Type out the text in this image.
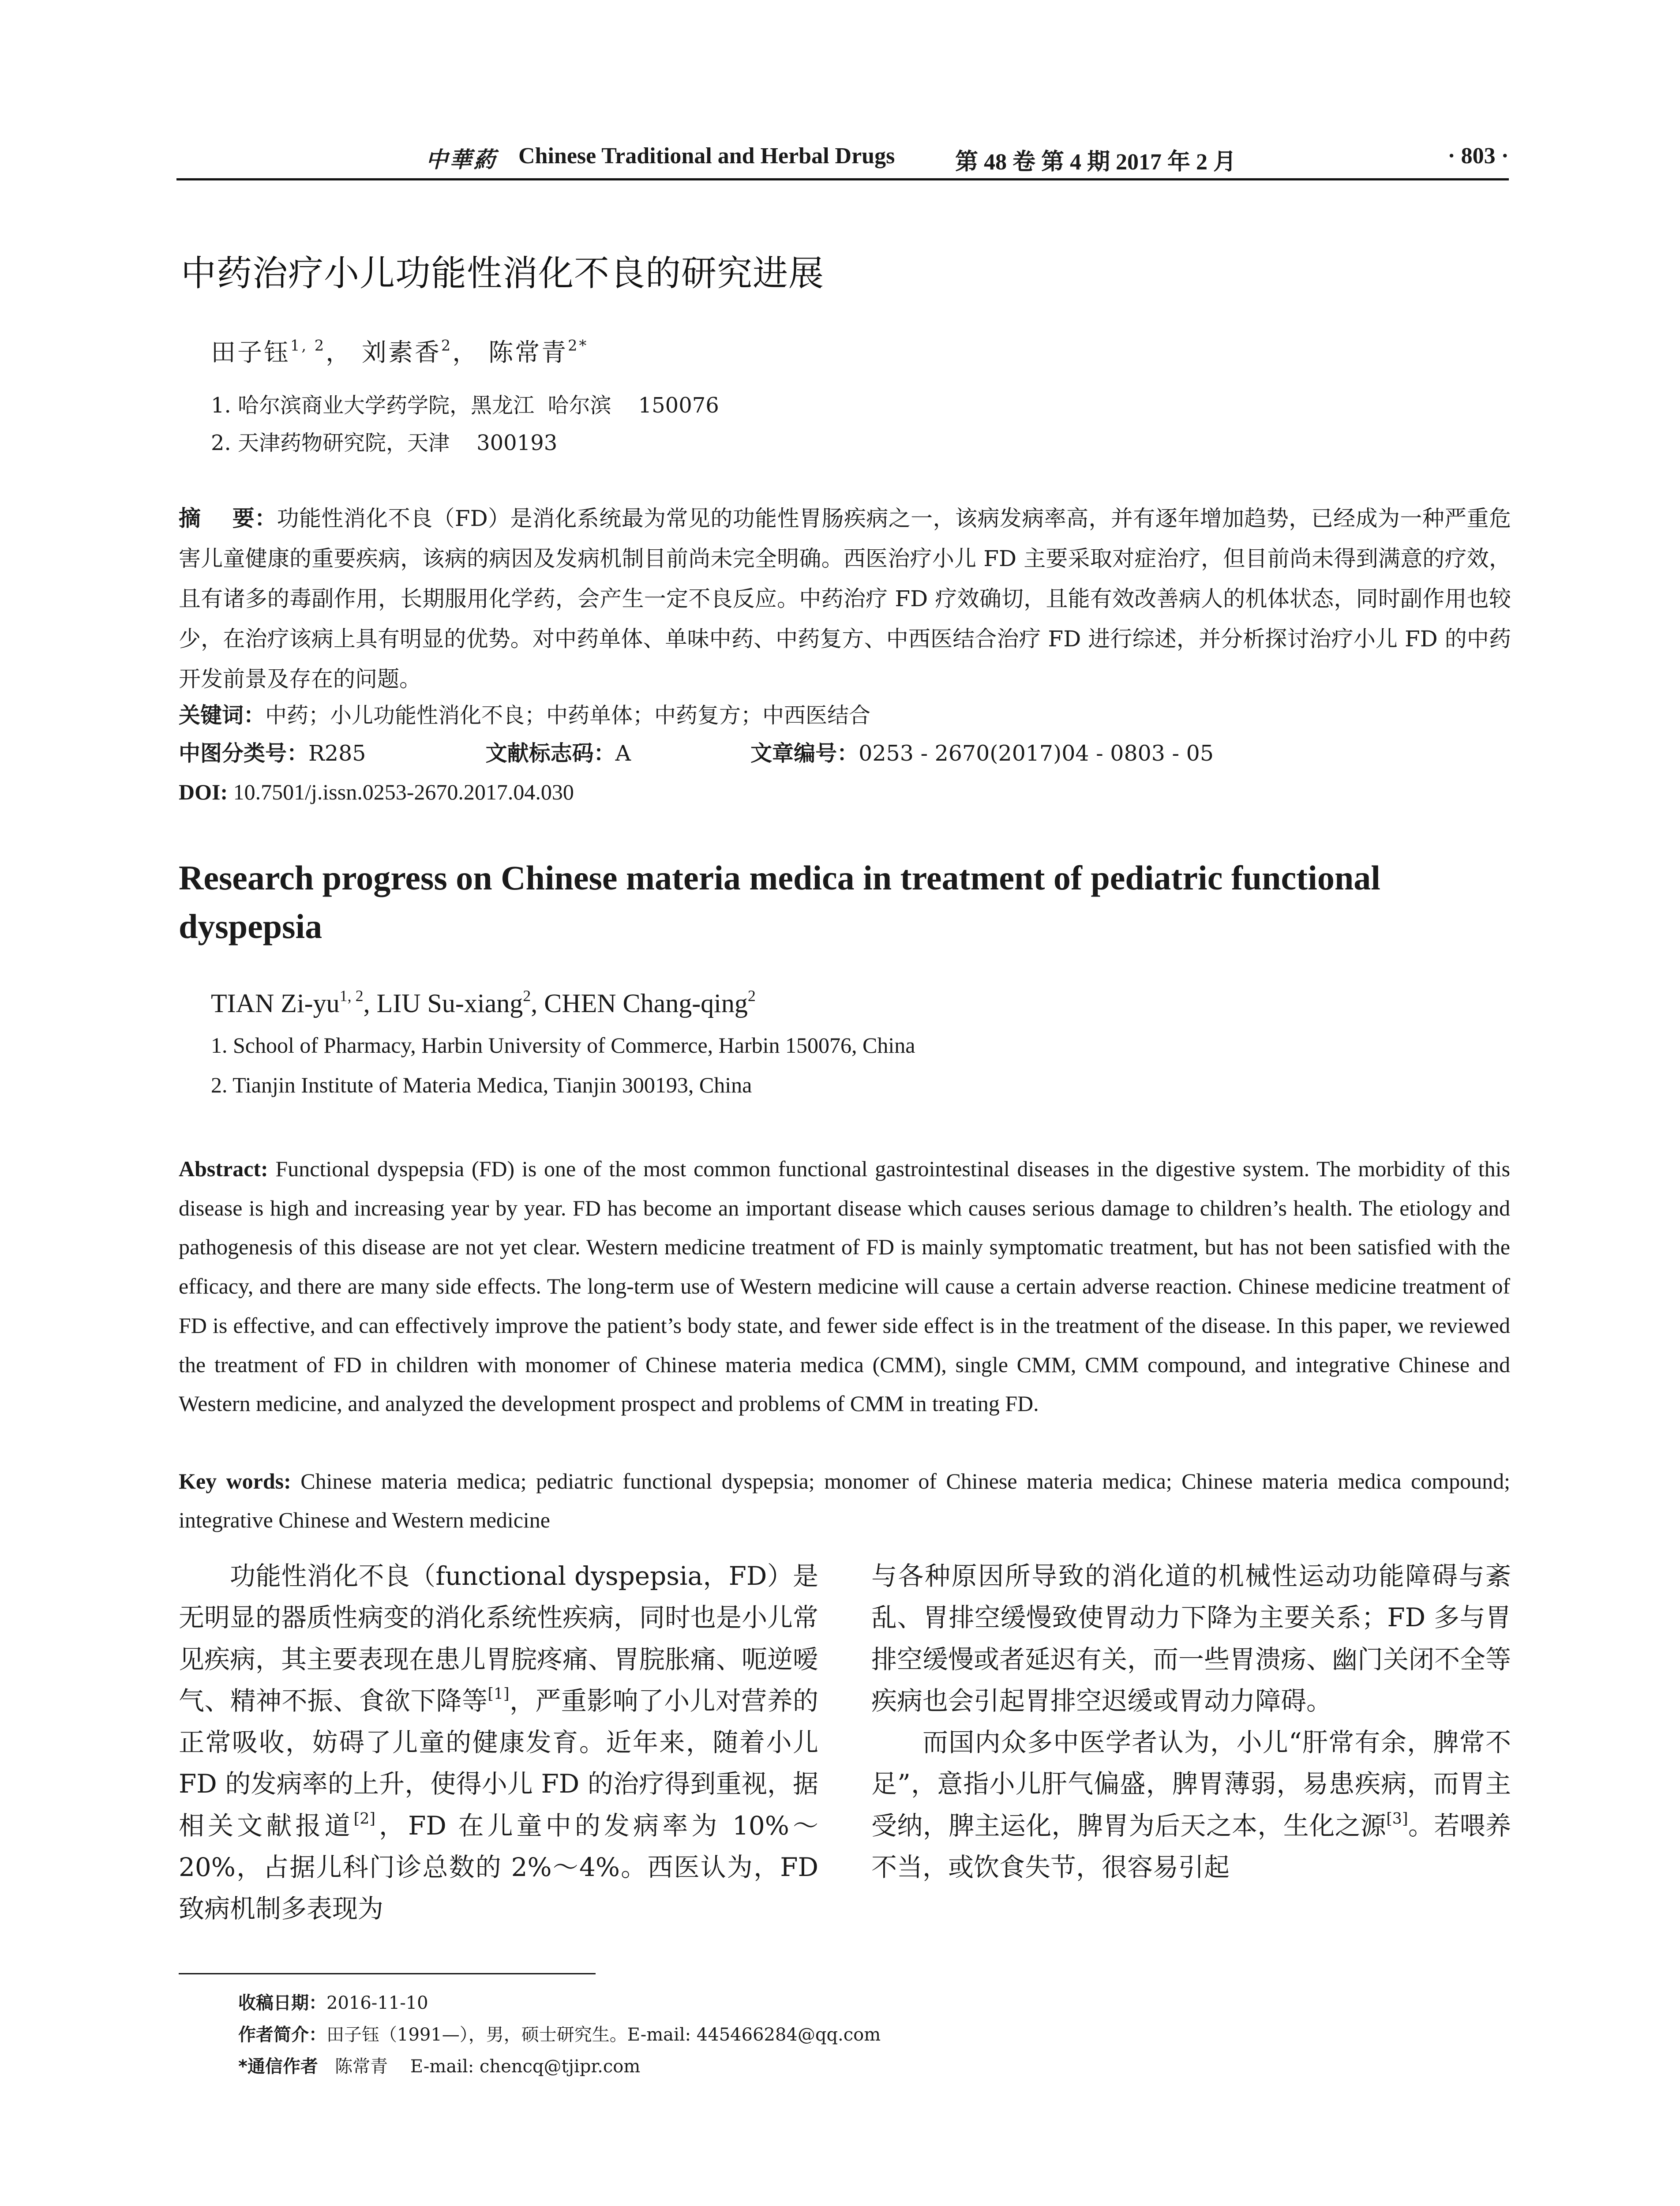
中華葯 Chinese Traditional and Herbal Drugs	第 48 卷 第 4 期 2017 年 2 月	· 803 ·
中药治疗小儿功能性消化不良的研究进展
田子钰$^{1, 2}$， 刘素香$^2$， 陈常青$^{2*}$
1. 哈尔滨商业大学药学院，黑龙江  哈尔滨    150076
2. 天津药物研究院，天津    300193
摘    要：功能性消化不良（FD）是消化系统最为常见的功能性胃肠疾病之一，该病发病率高，并有逐年增加趋势，已经成为一种严重危害儿童健康的重要疾病，该病的病因及发病机制目前尚未完全明确。西医治疗小儿 FD 主要采取对症治疗，但目前尚未得到满意的疗效，且有诸多的毒副作用，长期服用化学药，会产生一定不良反应。中药治疗 FD 疗效确切，且能有效改善病人的机体状态，同时副作用也较少，在治疗该病上具有明显的优势。对中药单体、单味中药、中药复方、中西医结合治疗 FD 进行综述，并分析探讨治疗小儿 FD 的中药开发前景及存在的问题。
关键词：中药；小儿功能性消化不良；中药单体；中药复方；中西医结合
中图分类号：R285	文献标志码：A	文章编号：0253 - 2670(2017)04 - 0803 - 05
DOI: 10.7501/j.issn.0253-2670.2017.04.030
Research progress on Chinese materia medica in treatment of pediatric functional dyspepsia
TIAN Zi-yu$^{1, 2}$, LIU Su-xiang$^2$, CHEN Chang-qing$^2$
1. School of Pharmacy, Harbin University of Commerce, Harbin 150076, China
2. Tianjin Institute of Materia Medica, Tianjin 300193, China
Abstract: Functional dyspepsia (FD) is one of the most common functional gastrointestinal diseases in the digestive system. The morbidity of this disease is high and increasing year by year. FD has become an important disease which causes serious damage to children’s health. The etiology and pathogenesis of this disease are not yet clear. Western medicine treatment of FD is mainly symptomatic treatment, but has not been satisfied with the efficacy, and there are many side effects. The long-term use of Western medicine will cause a certain adverse reaction. Chinese medicine treatment of FD is effective, and can effectively improve the patient’s body state, and fewer side effect is in the treatment of the disease. In this paper, we reviewed the treatment of FD in children with monomer of Chinese materia medica (CMM), single CMM, CMM compound, and integrative Chinese and Western medicine, and analyzed the development prospect and problems of CMM in treating FD.
Key words: Chinese materia medica; pediatric functional dyspepsia; monomer of Chinese materia medica; Chinese materia medica compound; integrative Chinese and Western medicine
功能性消化不良（functional dyspepsia，FD）是无明显的器质性病变的消化系统性疾病，同时也是小儿常见疾病，其主要表现在患儿胃脘疼痛、胃脘胀痛、呃逆嗳气、精神不振、食欲下降等[1]，严重影响了小儿对营养的正常吸收，妨碍了儿童的健康发育。近年来，随着小儿 FD 的发病率的上升，使得小儿 FD 的治疗得到重视，据相关文献报道[2]，FD 在儿童中的发病率为 10%～20%，占据儿科门诊总数的 2%～4%。西医认为，FD 致病机制多表现为
与各种原因所导致的消化道的机械性运动功能障碍与紊乱、胃排空缓慢致使胃动力下降为主要关系；FD 多与胃排空缓慢或者延迟有关，而一些胃溃疡、幽门关闭不全等疾病也会引起胃排空迟缓或胃动力障碍。
而国内众多中医学者认为，小儿“肝常有余，脾常不足”，意指小儿肝气偏盛，脾胃薄弱，易患疾病，而胃主受纳，脾主运化，脾胃为后天之本，生化之源[3]。若喂养不当，或饮食失节，很容易引起
收稿日期：2016-11-10
作者简介：田子钰（1991—），男，硕士研究生。E-mail: 445466284@qq.com
*通信作者 陈常青    E-mail: chencq@tjipr.com
